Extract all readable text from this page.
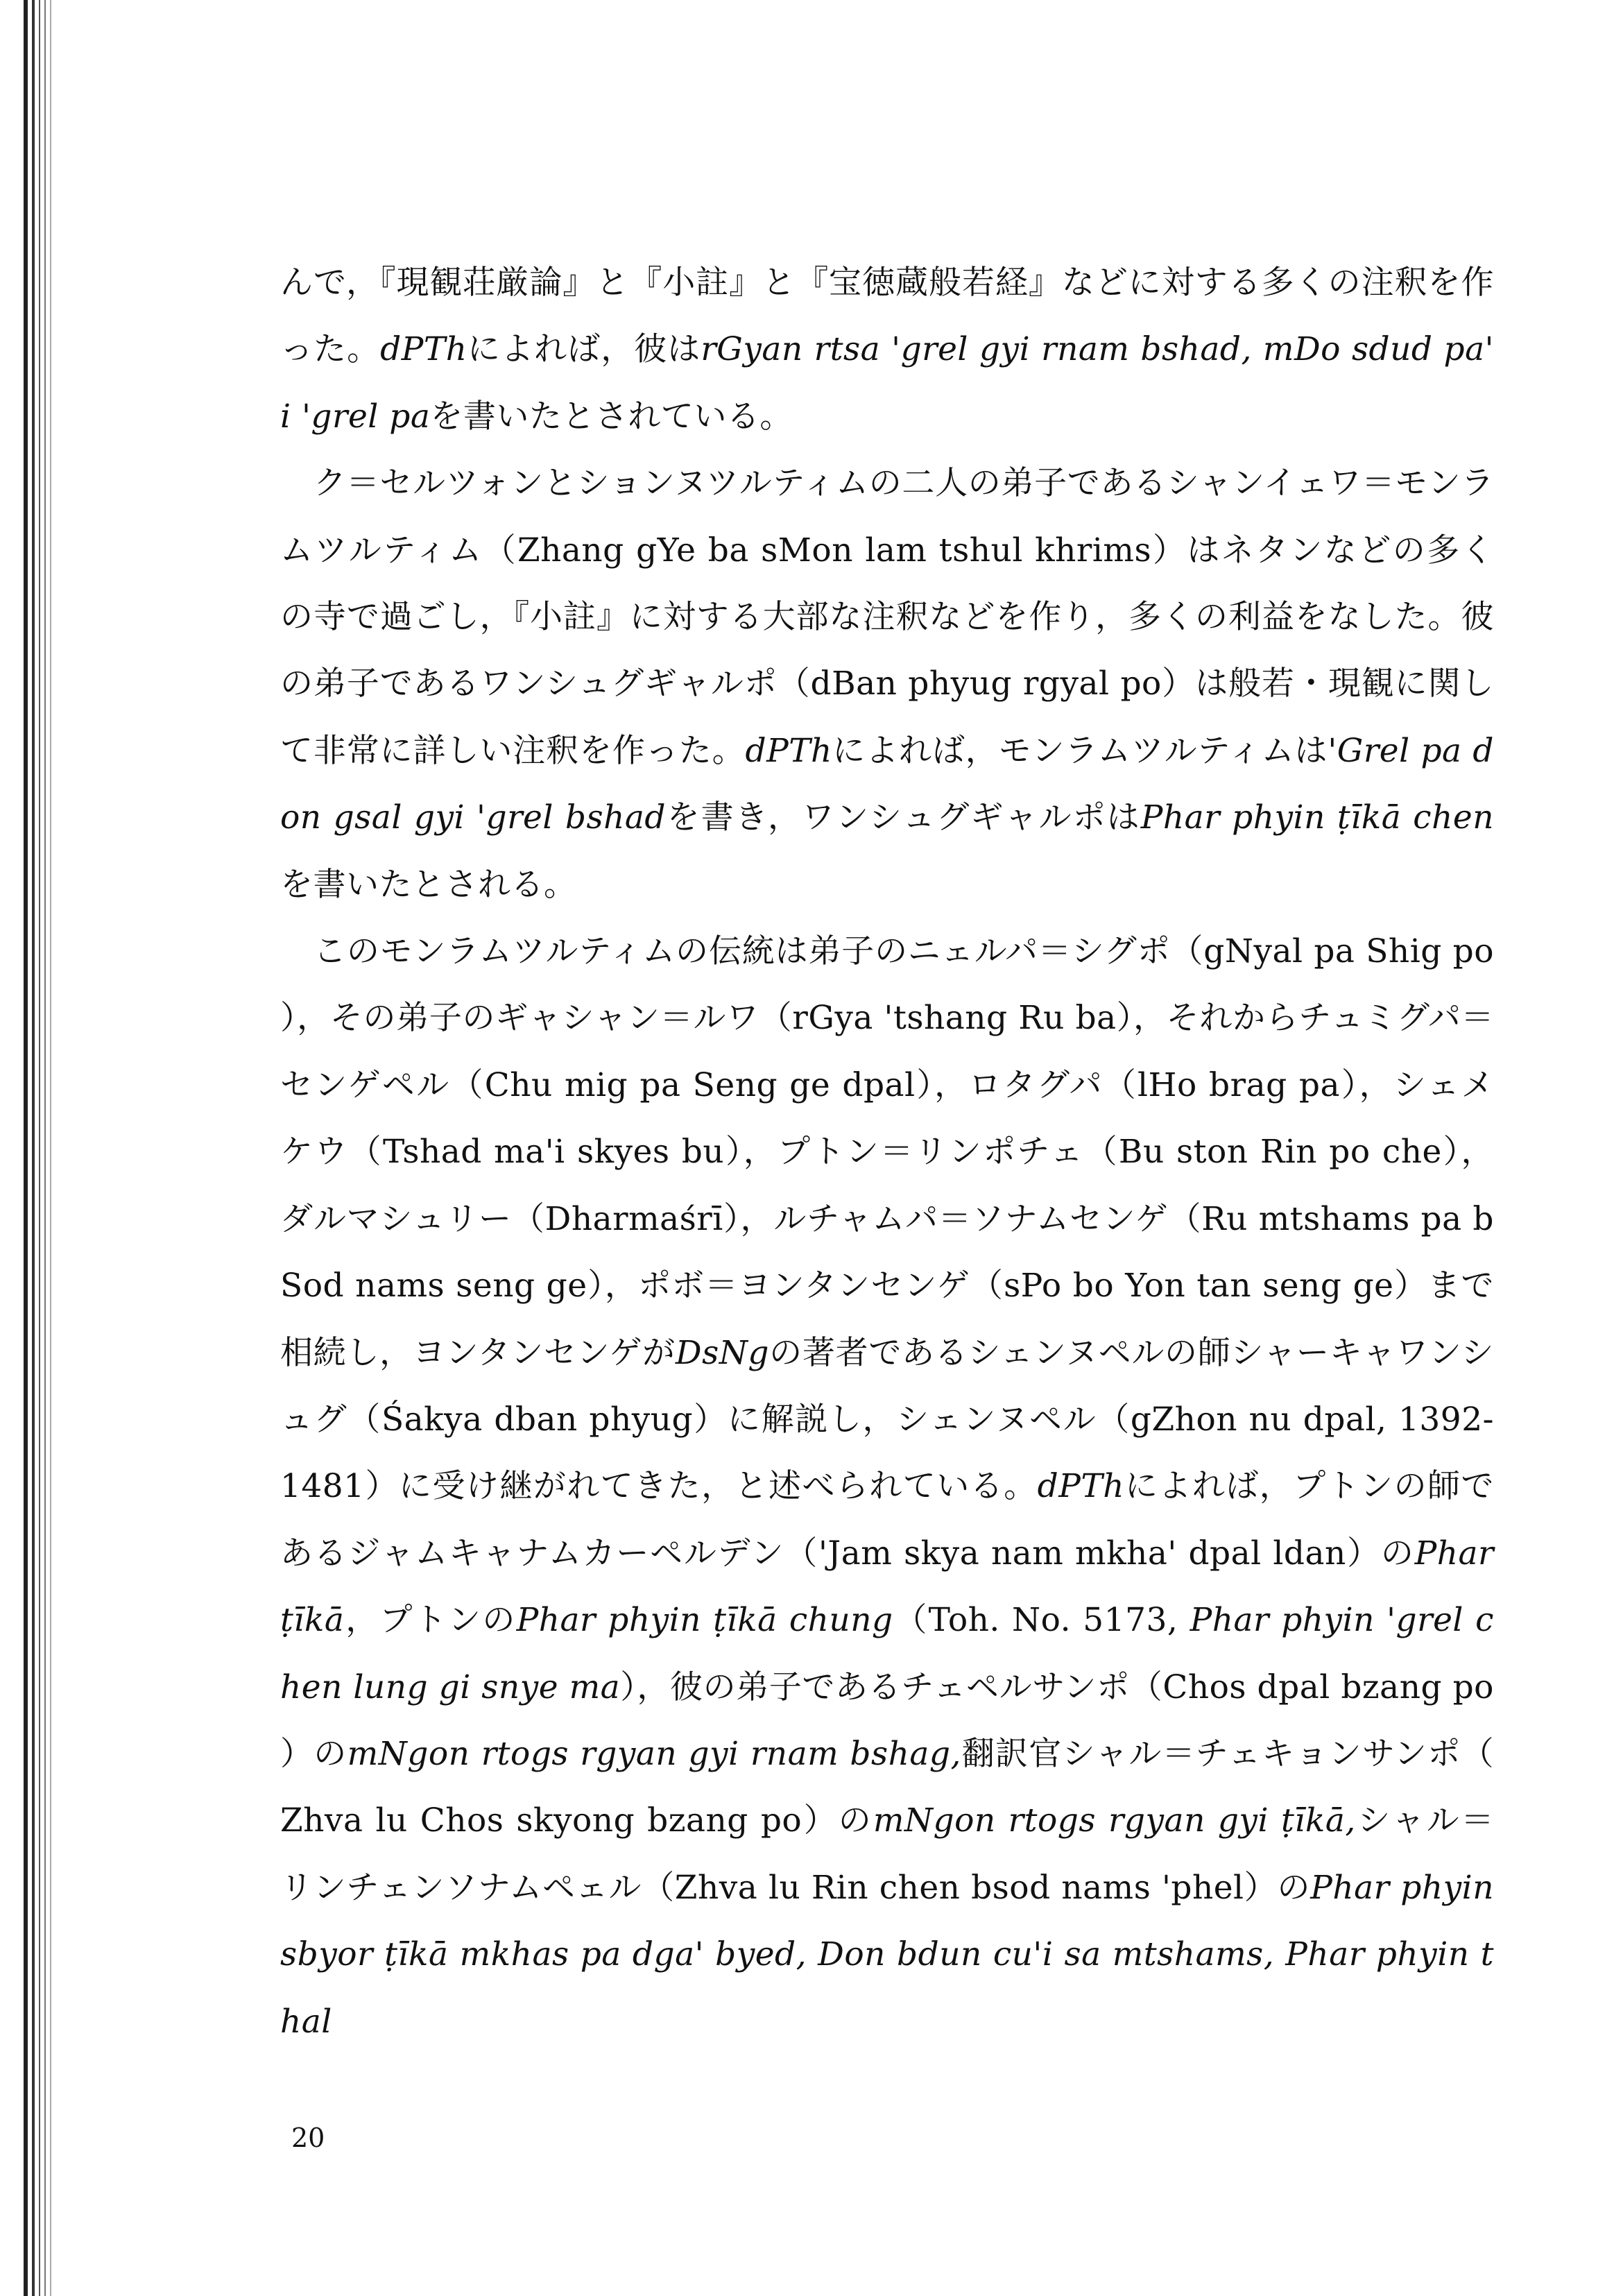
んで，『現観荘厳論』と『小註』と『宝徳蔵般若経』などに対する多くの注釈を作った。dPThによれば，彼はrGyan rtsa 'grel gyi rnam bshad, mDo sdud pa'i 'grel paを書いたとされている。

ク＝セルツォンとションヌツルティムの二人の弟子であるシャンイェワ＝モンラムツルティム（Zhang gYe ba sMon lam tshul khrims）はネタンなどの多くの寺で過ごし，『小註』に対する大部な注釈などを作り，多くの利益をなした。彼の弟子であるワンシュグギャルポ（dBan phyug rgyal po）は般若・現観に関して非常に詳しい注釈を作った。dPThによれば，モンラムツルティムは'Grel pa don gsal gyi 'grel bshadを書き，ワンシュグギャルポはPhar phyin ṭīkā chenを書いたとされる。

このモンラムツルティムの伝統は弟子のニェルパ＝シグポ（gNyal pa Shig po），その弟子のギャシャン＝ルワ（rGya 'tshang Ru ba），それからチュミグパ＝センゲペル（Chu mig pa Seng ge dpal），ロタグパ（lHo brag pa），シェメケウ（Tshad ma'i skyes bu），プトン＝リンポチェ（Bu ston Rin po che），ダルマシュリー（Dharmaśrī），ルチャムパ＝ソナムセンゲ（Ru mtshams pa bSod nams seng ge），ポボ＝ヨンタンセンゲ（sPo bo Yon tan seng ge）まで相続し，ヨンタンセンゲがDsNgの著者であるシェンヌペルの師シャーキャワンシュグ（Śakya dban phyug）に解説し，シェンヌペル（gZhon nu dpal, 1392-1481）に受け継がれてきた，と述べられている。dPThによれば，プトンの師であるジャムキャナムカーペルデン（'Jam skya nam mkha' dpal ldan）のPhar ṭīkā，プトンのPhar phyin ṭīkā chung（Toh. No. 5173, Phar phyin 'grel chen lung gi snye ma），彼の弟子であるチェペルサンポ（Chos dpal bzang po）のmNgon rtogs rgyan gyi rnam bshag,翻訳官シャル＝チェキョンサンポ（Zhva lu Chos skyong bzang po）のmNgon rtogs rgyan gyi ṭīkā,シャル＝リンチェンソナムペェル（Zhva lu Rin chen bsod nams 'phel）のPhar phyin sbyor ṭīkā mkhas pa dga' byed, Don bdun cu'i sa mtshams, Phar phyin thal

20
